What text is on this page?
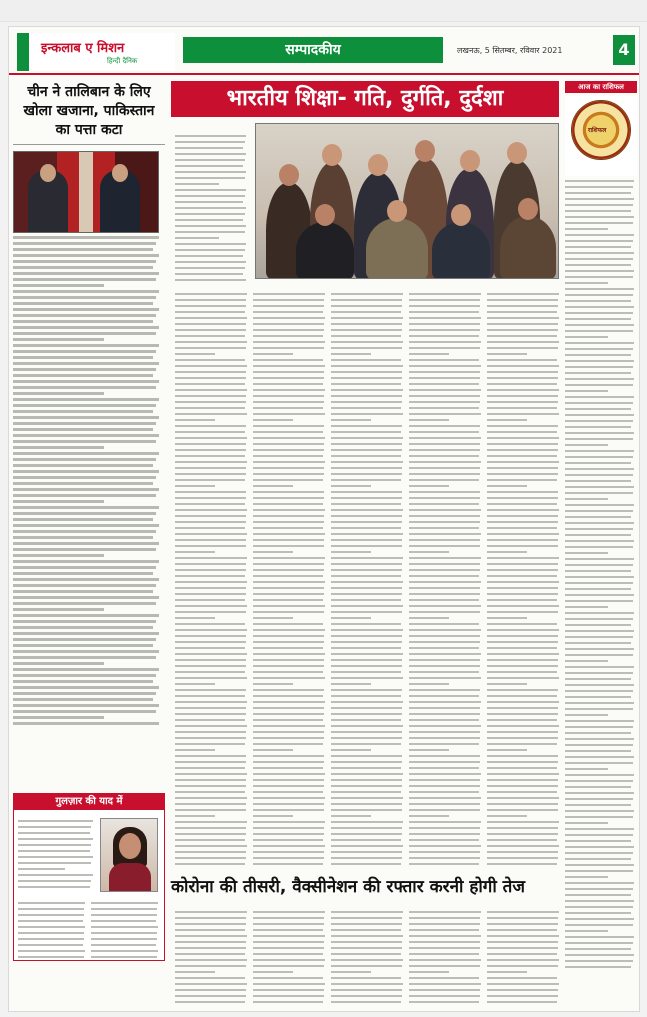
इन्कलाब ए मिशन
हिन्दी दैनिक
सम्पादकीय	लखनऊ, 5 सितम्बर, रविवार 2021	4
चीन ने तालिबान के लिए खोला खजाना, पाकिस्तान का पत्ता कटा
गुलज़ार की याद में
भारतीय शिक्षा- गति, दुर्गति, दुर्दशा
कोरोना की तीसरी, वैक्सीनेशन की रफ्तार करनी होगी तेज
आज का राशिफल
राशिफल
